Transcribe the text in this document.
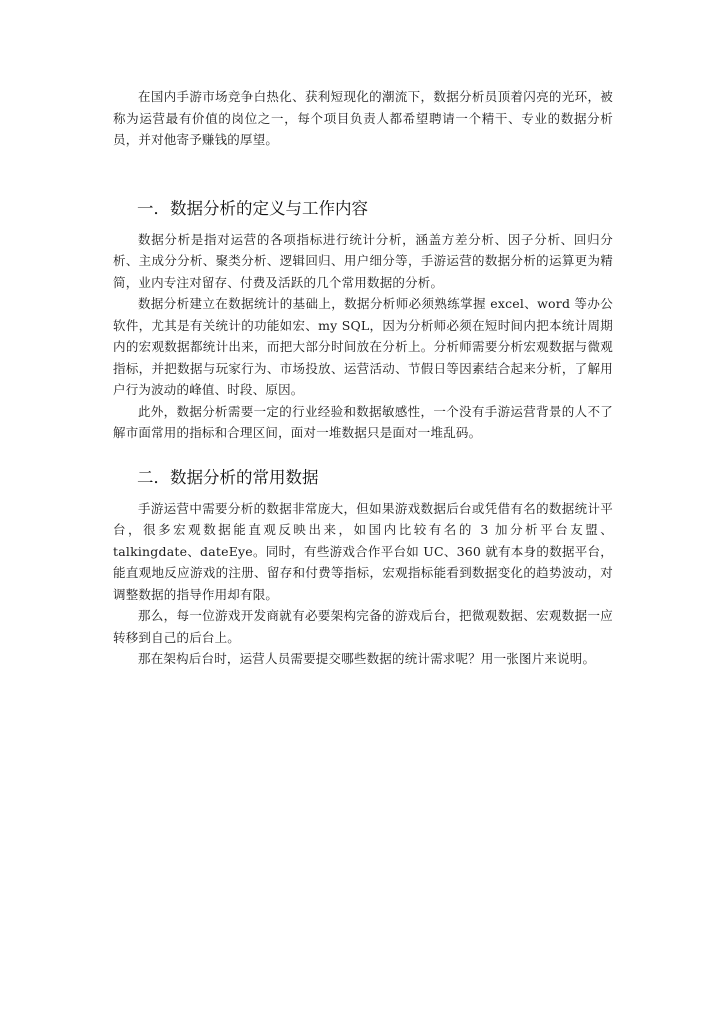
在国内手游市场竞争白热化、获利短现化的潮流下，数据分析员顶着闪亮的光环，被称为运营最有价值的岗位之一，每个项目负责人都希望聘请一个精干、专业的数据分析员，并对他寄予赚钱的厚望。

一．数据分析的定义与工作内容

数据分析是指对运营的各项指标进行统计分析，涵盖方差分析、因子分析、回归分析、主成分分析、聚类分析、逻辑回归、用户细分等，手游运营的数据分析的运算更为精简，业内专注对留存、付费及活跃的几个常用数据的分析。

数据分析建立在数据统计的基础上，数据分析师必须熟练掌握 excel、word 等办公软件，尤其是有关统计的功能如宏、my SQL，因为分析师必须在短时间内把本统计周期内的宏观数据都统计出来，而把大部分时间放在分析上。分析师需要分析宏观数据与微观指标，并把数据与玩家行为、市场投放、运营活动、节假日等因素结合起来分析，了解用户行为波动的峰值、时段、原因。

此外，数据分析需要一定的行业经验和数据敏感性，一个没有手游运营背景的人不了解市面常用的指标和合理区间，面对一堆数据只是面对一堆乱码。

二．数据分析的常用数据

手游运营中需要分析的数据非常庞大，但如果游戏数据后台或凭借有名的数据统计平台，很多宏观数据能直观反映出来，如国内比较有名的 3 加分析平台友盟、talkingdate、dateEye。同时，有些游戏合作平台如 UC、360 就有本身的数据平台，能直观地反应游戏的注册、留存和付费等指标，宏观指标能看到数据变化的趋势波动，对调整数据的指导作用却有限。

那么，每一位游戏开发商就有必要架构完备的游戏后台，把微观数据、宏观数据一应转移到自己的后台上。

那在架构后台时，运营人员需要提交哪些数据的统计需求呢？用一张图片来说明。
